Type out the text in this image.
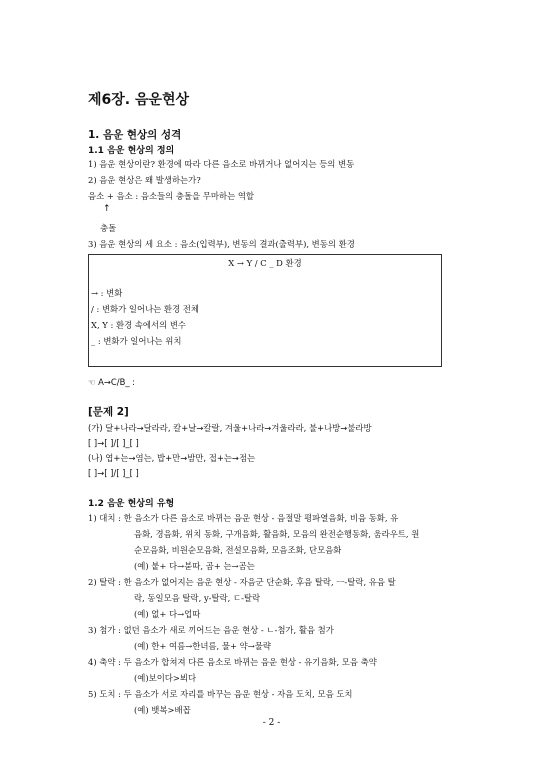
제6장. 음운현상
1. 음운 현상의 성격
1.1 음운 현상의 정의
1) 음운 현상이란? 환경에 따라 다른 음소로 바뀌거나 없어지는 등의 변동
2) 음운 현상은 왜 발생하는가?
음소 + 음소 : 음소들의 충돌을 무마하는 역할
↑
충돌
3) 음운 현상의 세 요소 : 음소(입력부), 변동의 결과(출력부), 변동의 환경
X → Y / C _ D 환경
→ : 변화
/ : 변화가 일어나는 환경 전체
X, Y : 환경 속에서의 변수
_ : 변화가 일어나는 위치
☜ A→C/B_ :
[문제 2]
(가) 달+나라→달라라, 칼+날→칼랄, 겨울+나라→겨울라라, 불+나방→불라방
[ ]→[ ]/[ ]_[ ]
(나) 엽+는→염는, 밥+만→밤만, 접+는→점는
[ ]→[ ]/[ ]_[ ]
1.2 음운 현상의 유형
1) 대치 : 한 음소가 다른 음소로 바뀌는 음운 현상 - 음절말 평파열음화, 비음 동화, 유
음화, 경음화, 위치 동화, 구개음화, 활음화, 모음의 완전순행동화, 움라우트, 원
순모음화, 비원순모음화, 전설모음화, 모음조화, 단모음화
(예) 붙+ 다→붇따, 곱+ 는→곰는
2) 탈락 : 한 음소가 없어지는 음운 현상 - 자음군 단순화, 후음 탈락, ㅡ-탈락, 유음 탈
락, 동일모음 탈락, y-탈락, ㄷ-탈락
(예) 없+ 다→업따
3) 첨가 : 없던 음소가 새로 끼어드는 음운 현상 - ㄴ-첨가, 활음 첨가
(예) 한+ 여름→한녀름, 물+ 약→물략
4) 축약 : 두 음소가 합쳐져 다른 음소로 바뀌는 음운 현상 - 유기음화, 모음 축약
(예)보이다>뵈다
5) 도치 : 두 음소가 서로 자리를 바꾸는 음운 현상 - 자음 도치, 모음 도치
(예) 뱃복>배꼽
- 2 -
